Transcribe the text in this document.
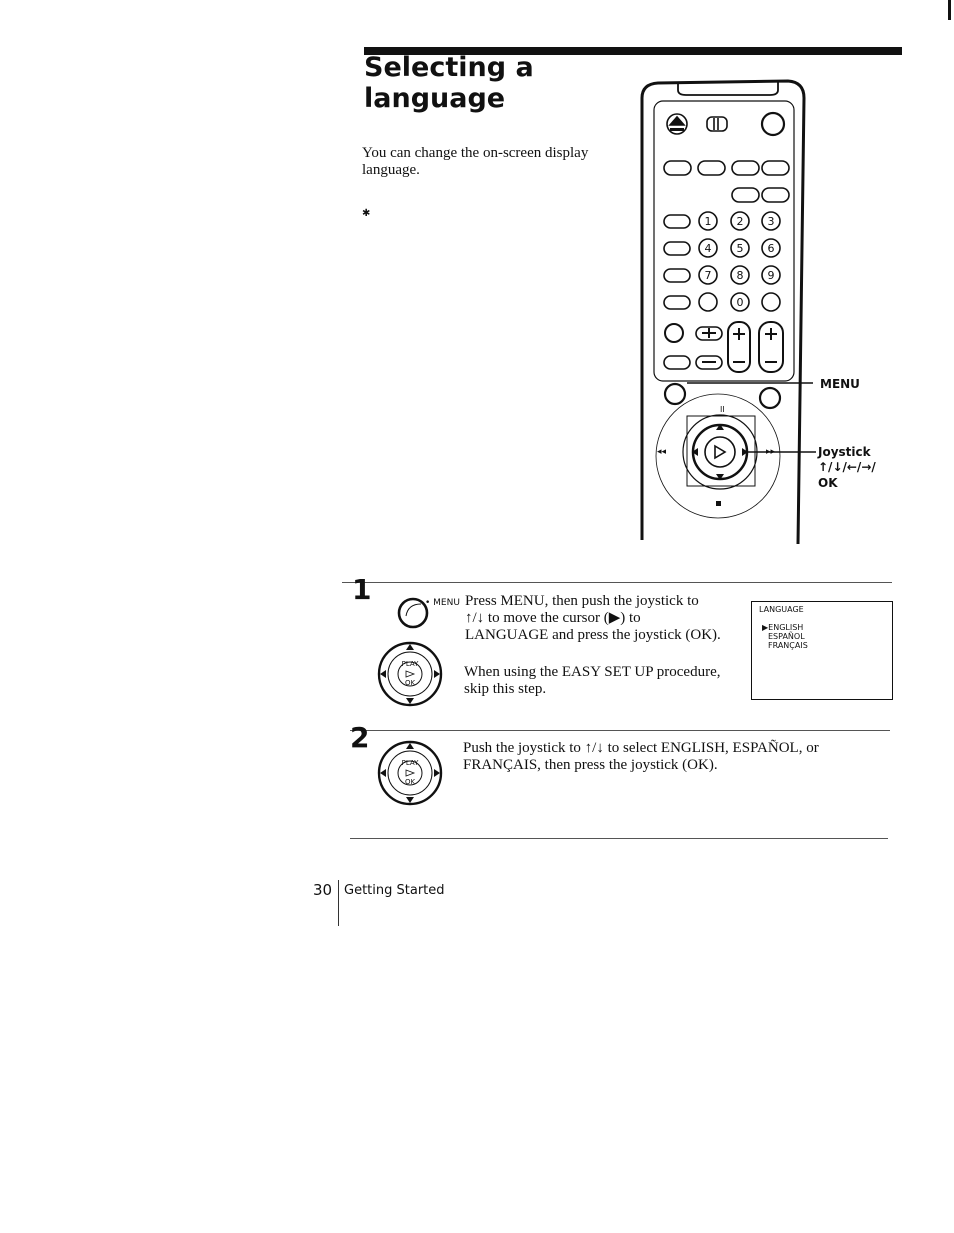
Selecting a
language
You can change the on-screen display language.
✱
1 2 3
4 5 6
7 8 9
0
II
◂◂	▸▸
MENU
Joystick
↑/↓/←/→/
OK
1	• MENU Press MENU, then push the joystick to
↑/↓ to move the cursor (▶) to
LANGUAGE and press the joystick (OK).
PLAY
OK
When using the EASY SET UP procedure,
skip this step.
LANGUAGE
▶ENGLISH
ESPAÑOL
FRANÇAIS
2
PLAY
OK
Push the joystick to ↑/↓ to select ENGLISH, ESPAÑOL, or
FRANÇAIS, then press the joystick (OK).
30 Getting Started
